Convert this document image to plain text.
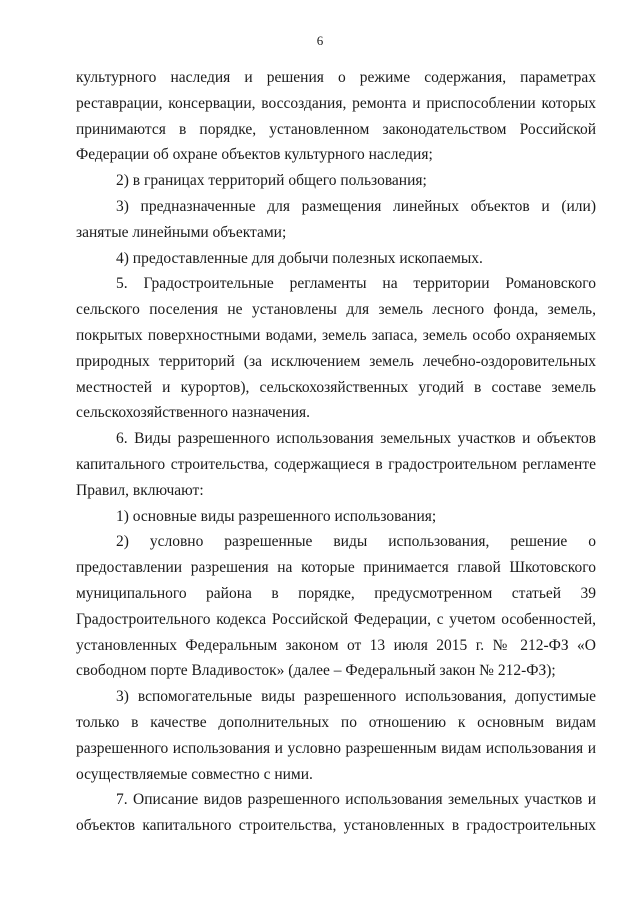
6

культурного наследия и решения о режиме содержания, параметрах реставрации, консервации, воссоздания, ремонта и приспособлении которых принимаются в порядке, установленном законодательством Российской Федерации об охране объектов культурного наследия;

2) в границах территорий общего пользования;

3) предназначенные для размещения линейных объектов и (или) занятые линейными объектами;

4) предоставленные для добычи полезных ископаемых.

5. Градостроительные регламенты на территории Романовского сельского поселения не установлены для земель лесного фонда, земель, покрытых поверхностными водами, земель запаса, земель особо охраняемых природных территорий (за исключением земель лечебно-оздоровительных местностей и курортов), сельскохозяйственных угодий в составе земель сельскохозяйственного назначения.

6. Виды разрешенного использования земельных участков и объектов капитального строительства, содержащиеся в градостроительном регламенте Правил, включают:

1) основные виды разрешенного использования;

2) условно разрешенные виды использования, решение о предоставлении разрешения на которые принимается главой Шкотовского муниципального района в порядке, предусмотренном статьей 39 Градостроительного кодекса Российской Федерации, с учетом особенностей, установленных Федеральным законом от 13 июля 2015 г. № 212-ФЗ «О свободном порте Владивосток» (далее – Федеральный закон № 212-ФЗ);

3) вспомогательные виды разрешенного использования, допустимые только в качестве дополнительных по отношению к основным видам разрешенного использования и условно разрешенным видам использования и осуществляемые совместно с ними.

7. Описание видов разрешенного использования земельных участков и объектов капитального строительства, установленных в градостроительных
